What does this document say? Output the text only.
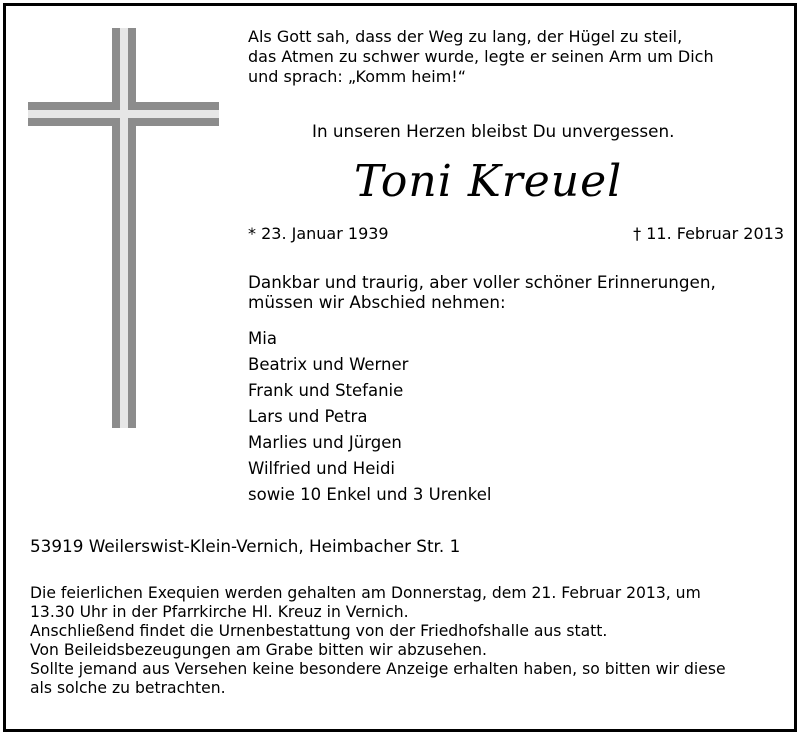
Als Gott sah, dass der Weg zu lang, der Hügel zu steil,
das Atmen zu schwer wurde, legte er seinen Arm um Dich
und sprach: „Komm heim!“
In unseren Herzen bleibst Du unvergessen.
Toni Kreuel
* 23. Januar 1939	† 11. Februar 2013
Dankbar und traurig, aber voller schöner Erinnerungen,
müssen wir Abschied nehmen:
Mia
Beatrix und Werner
Frank und Stefanie
Lars und Petra
Marlies und Jürgen
Wilfried und Heidi
sowie 10 Enkel und 3 Urenkel
53919 Weilerswist-Klein-Vernich, Heimbacher Str. 1
Die feierlichen Exequien werden gehalten am Donnerstag, dem 21. Februar 2013, um
13.30 Uhr in der Pfarrkirche Hl. Kreuz in Vernich.
Anschließend findet die Urnenbestattung von der Friedhofshalle aus statt.
Von Beileidsbezeugungen am Grabe bitten wir abzusehen.
Sollte jemand aus Versehen keine besondere Anzeige erhalten haben, so bitten wir diese
als solche zu betrachten.
